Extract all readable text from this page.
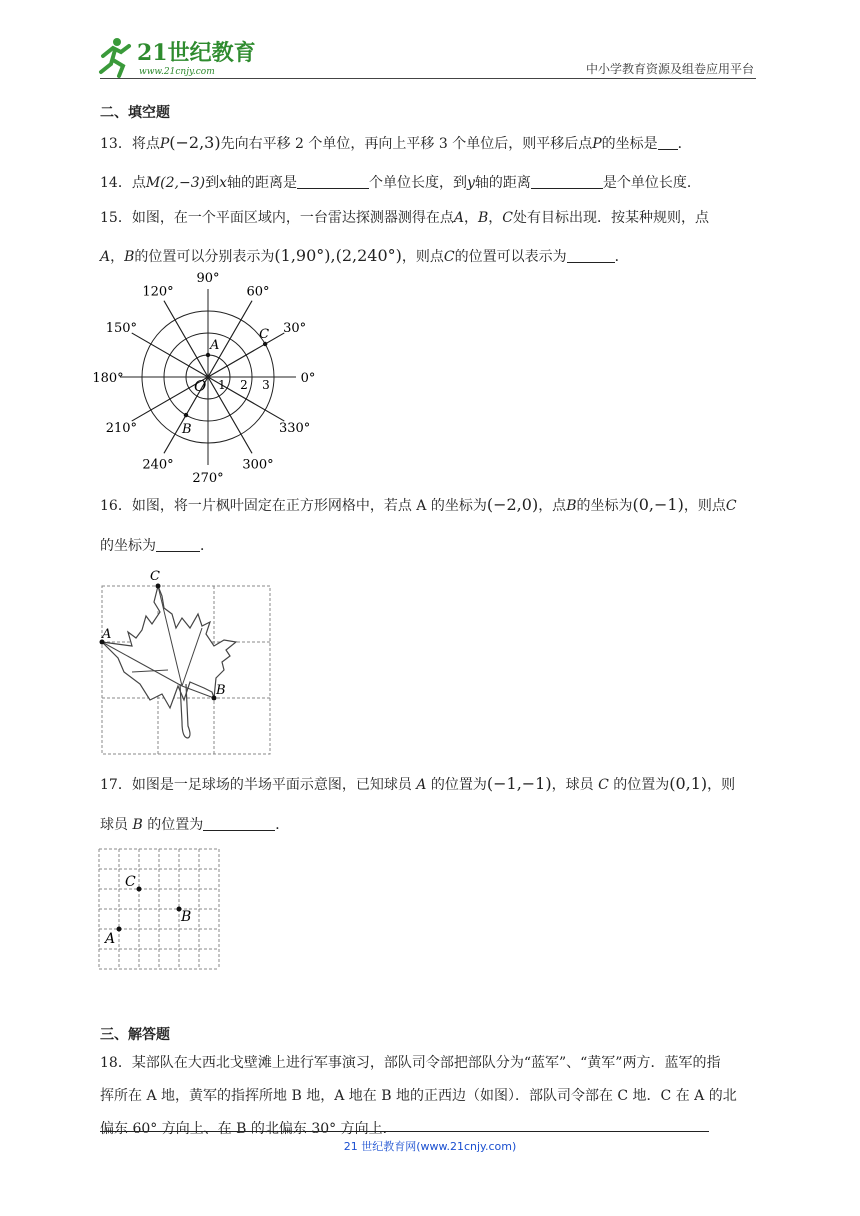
21世纪教育
www.21cnjy.com	中小学教育资源及组卷应用平台
二、填空题
13．将点P(−2,3)先向右平移 2 个单位，再向上平移 3 个单位后，则平移后点P的坐标是 ．
14．点M(2,−3)到x轴的距离是	个单位长度，到y轴的距离	是个单位长度．
15．如图，在一个平面区域内，一台雷达探测器测得在点A，B，C处有目标出现．按某种规则，点
A，B的位置可以分别表示为(1,90°),(2,240°)，则点C的位置可以表示为	．
0°
30°
60°
90°
120°
150°
180°
210°
240°
270°
300°
330°
1 2 3
O
A
B
C
16．如图，将一片枫叶固定在正方形网格中，若点 A 的坐标为(−2,0)，点B的坐标为(0,−1)，则点C
的坐标为	．
A
B
C
17．如图是一足球场的半场平面示意图，已知球员 A 的位置为(−1,−1)，球员 C 的位置为(0,1)，则
球员 B 的位置为	．
C
B
A
三、解答题
18．某部队在大西北戈壁滩上进行军事演习，部队司令部把部队分为“蓝军”、“黄军”两方．蓝军的指
挥所在 A 地，黄军的指挥所地 B 地，A 地在 B 地的正西边（如图）．部队司令部在 C 地．C 在 A 的北
偏东 60° 方向上、在 B 的北偏东 30° 方向上．
21 世纪教育网(www.21cnjy.com)
